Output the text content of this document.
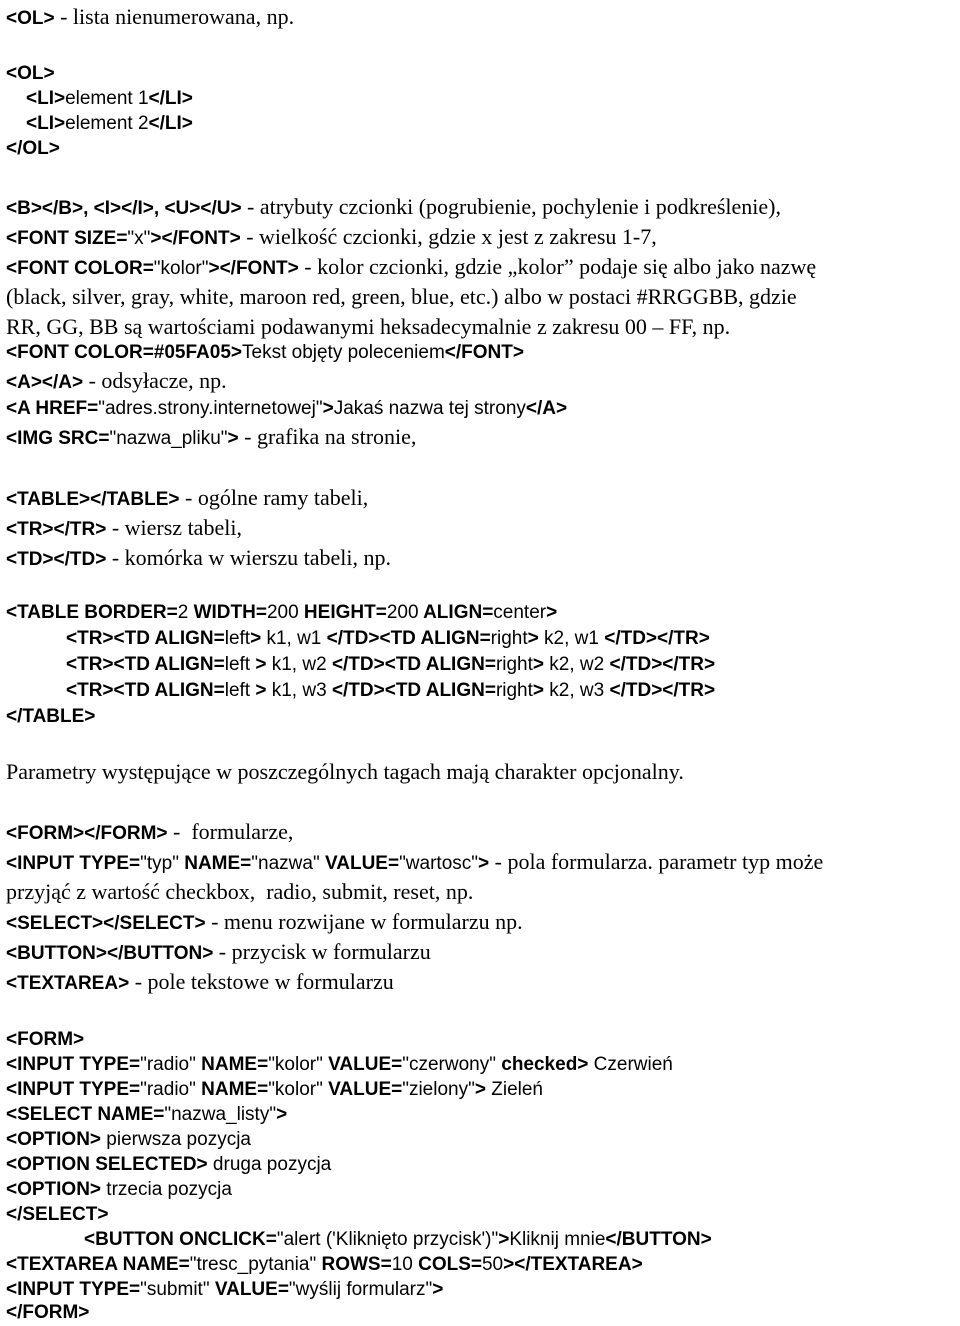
<OL> - lista nienumerowana, np.
<OL>
<LI>element 1</LI>
<LI>element 2</LI>
</OL>
<B></B>, <I></I>, <U></U> - atrybuty czcionki (pogrubienie, pochylenie i podkreślenie),
<FONT SIZE="x"></FONT> - wielkość czcionki, gdzie x jest z zakresu 1-7,
<FONT COLOR="kolor"></FONT> - kolor czcionki, gdzie „kolor” podaje się albo jako nazwę
(black, silver, gray, white, maroon red, green, blue, etc.) albo w postaci #RRGGBB, gdzie
RR, GG, BB są wartościami podawanymi heksadecymalnie z zakresu 00 – FF, np.
<FONT COLOR=#05FA05>Tekst objęty poleceniem</FONT>
<A></A> - odsyłacze, np.
<A HREF="adres.strony.internetowej">Jakaś nazwa tej strony</A>
<IMG SRC="nazwa_pliku"> - grafika na stronie,
<TABLE></TABLE> - ogólne ramy tabeli,
<TR></TR> - wiersz tabeli,
<TD></TD> - komórka w wierszu tabeli, np.
<TABLE BORDER=2 WIDTH=200 HEIGHT=200 ALIGN=center>
<TR><TD ALIGN=left> k1, w1 </TD><TD ALIGN=right> k2, w1 </TD></TR>
<TR><TD ALIGN=left > k1, w2 </TD><TD ALIGN=right> k2, w2 </TD></TR>
<TR><TD ALIGN=left > k1, w3 </TD><TD ALIGN=right> k2, w3 </TD></TR>
</TABLE>
Parametry występujące w poszczególnych tagach mają charakter opcjonalny.
<FORM></FORM> -  formularze,
<INPUT TYPE="typ" NAME="nazwa" VALUE="wartosc"> - pola formularza. parametr typ może
przyjąć z wartość checkbox,  radio, submit, reset, np.
<SELECT></SELECT> - menu rozwijane w formularzu np.
<BUTTON></BUTTON> - przycisk w formularzu
<TEXTAREA> - pole tekstowe w formularzu
<FORM>
<INPUT TYPE="radio" NAME="kolor" VALUE="czerwony" checked> Czerwień
<INPUT TYPE="radio" NAME="kolor" VALUE="zielony"> Zieleń
<SELECT NAME="nazwa_listy">
<OPTION> pierwsza pozycja
<OPTION SELECTED> druga pozycja
<OPTION> trzecia pozycja
</SELECT>
<BUTTON ONCLICK="alert ('Kliknięto przycisk')">Kliknij mnie</BUTTON>
<TEXTAREA NAME="tresc_pytania" ROWS=10 COLS=50></TEXTAREA>
<INPUT TYPE="submit" VALUE="wyślij formularz">
</FORM>
